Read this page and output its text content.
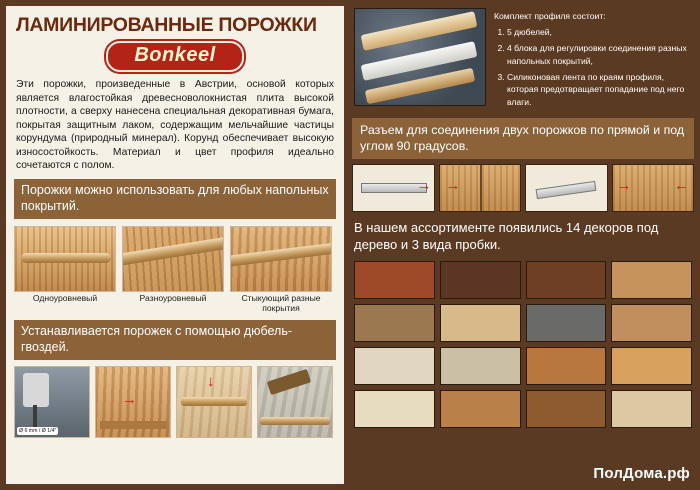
ЛАМИНИРОВАННЫЕ ПОРОЖКИ
Bonkeel
Эти порожки, произведенные в Австрии, основой которых является влагостойкая древесноволокнистая плита высокой плотности, а сверху нанесена специальная декоративная бумага, покрытая защитным лаком, содержащим мельчайшие частицы корундума (природный минерал). Корунд обеспечивает высокую износостойкость. Материал и цвет профиля идеально сочетаются с полом.
Порожки можно использовать для любых напольных покрытий.
Одноуровневый	Разноуровневый	Стыкующий разные покрытия
Устанавливается порожек с помощью дюбель-гвоздей.
Ø 6 mm / Ø 1/4"
→
↓
Комплект профиля состоит:
1. 5 дюбелей,
2. 4 блока для регулировки соединения разных напольных покрытий,
3. Силиконовая лента по краям профиля, которая предотвращает попадание под него влаги.
Разъем для соединения двух порожков по прямой и под углом 90 градусов.
→ →	→	←
В нашем ассортименте появились 14 декоров под дерево и 3 вида пробки.
ПолДома.рф
